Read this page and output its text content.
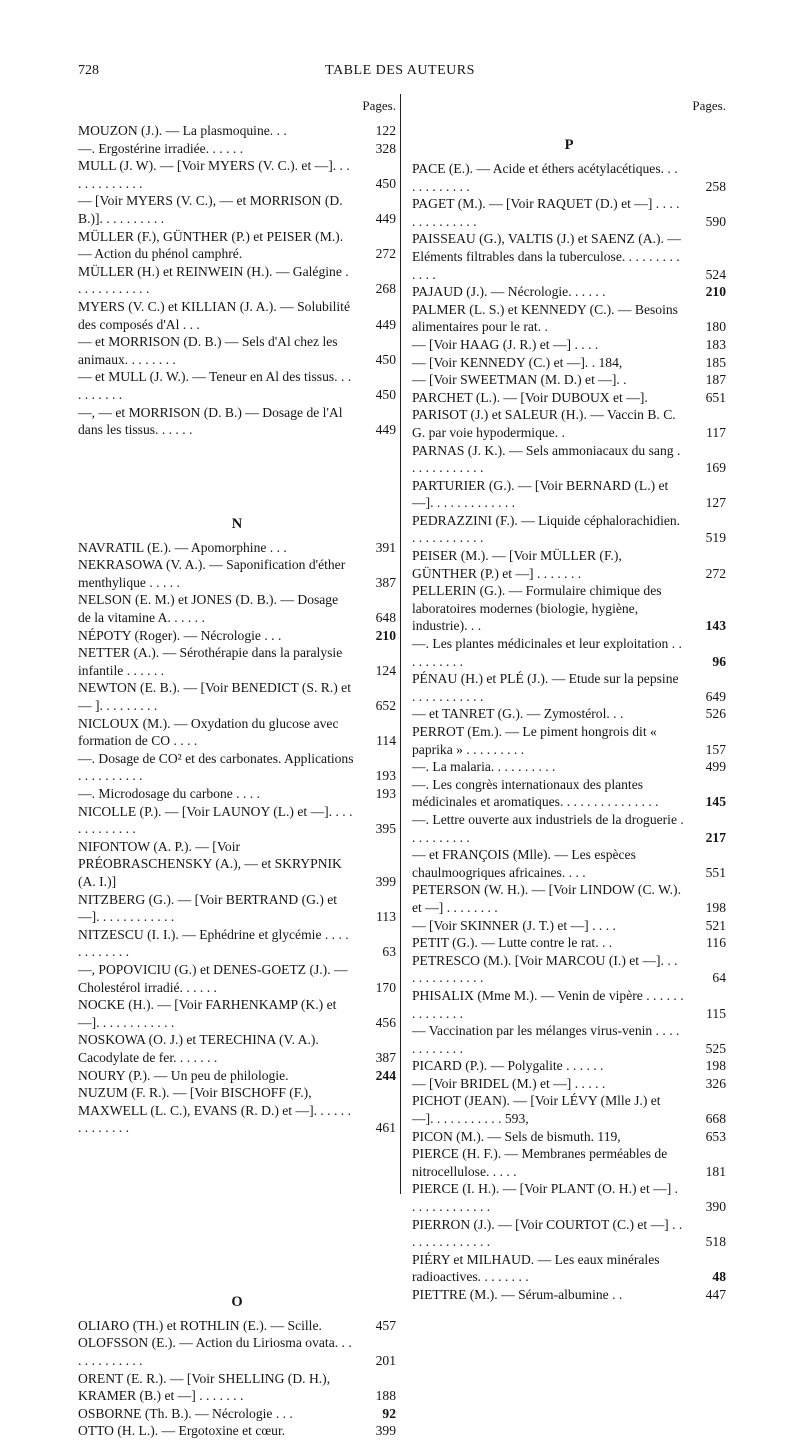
728	TABLE DES AUTEURS
Pages.
MOUZON (J.). — La plasmoquine. . .	122
—. Ergostérine irradiée. . . . . .	328
MULL (J. W). — [Voir MYERS (V. C.). et —]. . . . . . . . . . . . .	450
— [Voir MYERS (V. C.), — et MORRISON (D. B.)]. . . . . . . . . .	449
MÜLLER (F.), GÜNTHER (P.) et PEISER (M.). — Action du phénol camphré.	272
MÜLLER (H.) et REINWEIN (H.). — Galégine . . . . . . . . . . . .	268
MYERS (V. C.) et KILLIAN (J. A.). — Solubilité des composés d'Al . . .	449
— et MORRISON (D. B.) — Sels d'Al chez les animaux. . . . . . . .	450
— et MULL (J. W.). — Teneur en Al des tissus. . . . . . . . . .	450
—, — et MORRISON (D. B.) — Dosage de l'Al dans les tissus. . . . . .	449
N
NAVRATIL (E.). — Apomorphine . . .	391
NEKRASOWA (V. A.). — Saponification d'éther menthylique . . . . .	387
NELSON (E. M.) et JONES (D. B.). — Dosage de la vitamine A. . . . . .	648
NÉPOTY (Roger). — Nécrologie . . .	210
NETTER (A.). — Sérothérapie dans la paralysie infantile . . . . . .	124
NEWTON (E. B.). — [Voir BENEDICT (S. R.) et — ]. . . . . . . . .	652
NICLOUX (M.). — Oxydation du glucose avec formation de CO . . . .	114
—. Dosage de CO² et des carbonates. Applications . . . . . . . . . .	193
—. Microdosage du carbone . . . .	193
NICOLLE (P.). — [Voir LAUNOY (L.) et —]. . . . . . . . . . . . .	395
NIFONTOW (A. P.). — [Voir PRÉOBRASCHENSKY (A.), — et SKRYPNIK (A. I.)]	399
NITZBERG (G.). — [Voir BERTRAND (G.) et —]. . . . . . . . . . . .	113
NITZESCU (I. I.). — Ephédrine et glycémie . . . . . . . . . . . .	63
—, POPOVICIU (G.) et DENES-GOETZ (J.). — Cholestérol irradié. . . . . .	170
NOCKE (H.). — [Voir FARHENKAMP (K.) et —]. . . . . . . . . . . .	456
NOSKOWA (O. J.) et TERECHINA (V. A.). Cacodylate de fer. . . . . . .	387
NOURY (P.). — Un peu de philologie.	244
NUZUM (F. R.). — [Voir BISCHOFF (F.), MAXWELL (L. C.), EVANS (R. D.) et —]. . . . . . . . . . . . . .	461
O
OLIARO (TH.) et ROTHLIN (E.). — Scille.	457
OLOFSSON (E.). — Action du Liriosma ovata. . . . . . . . . . . . .	201
ORENT (E. R.). — [Voir SHELLING (D. H.), KRAMER (B.) et —] . . . . . . .	188
OSBORNE (Th. B.). — Nécrologie . . .	92
OTTO (H. L.). — Ergotoxine et cœur.	399
Pages.
P
PACE (E.). — Acide et éthers acétylacétiques. . . . . . . . . . . .	258
PAGET (M.). — [Voir RAQUET (D.) et —] . . . . . . . . . . . . . .	590
PAISSEAU (G.), VALTIS (J.) et SAENZ (A.). — Eléments filtrables dans la tuberculose. . . . . . . . . . . . .	524
PAJAUD (J.). — Nécrologie. . . . . .	210
PALMER (L. S.) et KENNEDY (C.). — Besoins alimentaires pour le rat. .	180
— [Voir HAAG (J. R.) et —] . . . .	183
— [Voir KENNEDY (C.) et —]. . 184,	185
— [Voir SWEETMAN (M. D.) et —]. .	187
PARCHET (L.). — [Voir DUBOUX et —].	651
PARISOT (J.) et SALEUR (H.). — Vaccin B. C. G. par voie hypodermique. .	117
PARNAS (J. K.). — Sels ammoniacaux du sang . . . . . . . . . . . .	169
PARTURIER (G.). — [Voir BERNARD (L.) et —]. . . . . . . . . . . . .	127
PEDRAZZINI (F.). — Liquide céphalorachidien. . . . . . . . . . . .	519
PEISER (M.). — [Voir MÜLLER (F.), GÜNTHER (P.) et —] . . . . . . .	272
PELLERIN (G.). — Formulaire chimique des laboratoires modernes (biologie, hygiène, industrie). . .	143
—. Les plantes médicinales et leur exploitation . . . . . . . . . .	96
PÉNAU (H.) et PLÉ (J.). — Etude sur la pepsine . . . . . . . . . . .	649
— et TANRET (G.). — Zymostérol. . .	526
PERROT (Em.). — Le piment hongrois dit « paprika » . . . . . . . . .	157
—. La malaria. . . . . . . . . .	499
—. Les congrès internationaux des plantes médicinales et aromatiques. . . . . . . . . . . . . . .	145
—. Lettre ouverte aux industriels de la droguerie . . . . . . . . . .	217
— et FRANÇOIS (Mlle). — Les espèces chaulmoogriques africaines. . . .	551
PETERSON (W. H.). — [Voir LINDOW (C. W.). et —] . . . . . . . .	198
— [Voir SKINNER (J. T.) et —] . . . .	521
PETIT (G.). — Lutte contre le rat. . .	116
PETRESCO (M.). [Voir MARCOU (I.) et —]. . . . . . . . . . . . . .	64
PHISALIX (Mme M.). — Venin de vipère . . . . . . . . . . . . . .	115
— Vaccination par les mélanges virus-venin . . . . . . . . . . . .	525
PICARD (P.). — Polygalite . . . . . .	198
— [Voir BRIDEL (M.) et —] . . . . .	326
PICHOT (JEAN). — [Voir LÉVY (Mlle J.) et —]. . . . . . . . . . . 593,	668
PICON (M.). — Sels de bismuth. 119,	653
PIERCE (H. F.). — Membranes perméables de nitrocellulose. . . . .	181
PIERCE (I. H.). — [Voir PLANT (O. H.) et —] . . . . . . . . . . . . .	390
PIERRON (J.). — [Voir COURTOT (C.) et —] . . . . . . . . . . . . . .	518
PIÉRY et MILHAUD. — Les eaux minérales radioactives. . . . . . . .	48
PIETTRE (M.). — Sérum-albumine . .	447
